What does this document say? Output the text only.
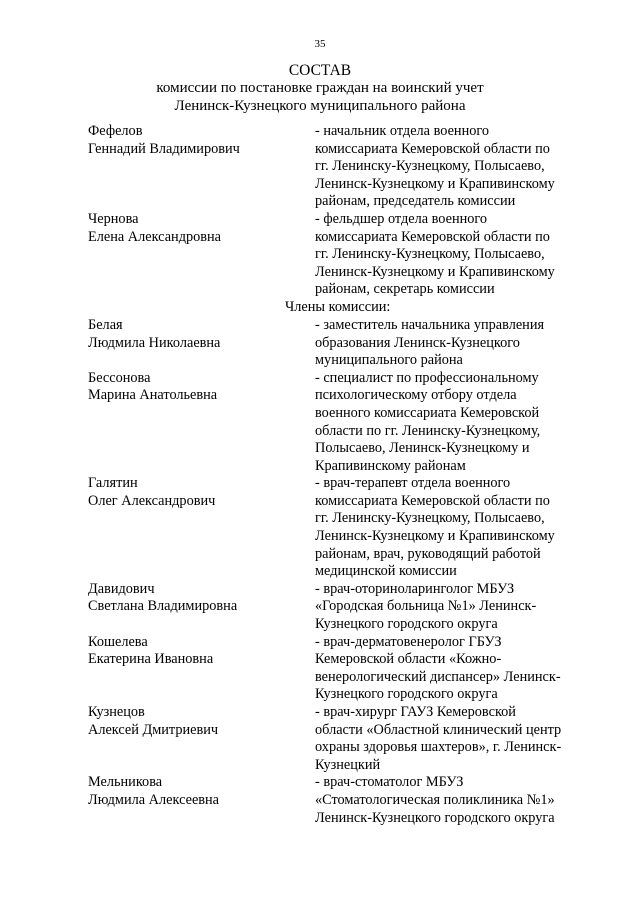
35
СОСТАВ
комиссии по постановке граждан на воинский учет
Ленинск-Кузнецкого муниципального района
Фефелов
Геннадий Владимирович
- начальник отдела военного
комиссариата Кемеровской области по
гг. Ленинску-Кузнецкому, Полысаево,
Ленинск-Кузнецкому и Крапивинскому
районам, председатель комиссии
Чернова
Елена Александровна
- фельдшер отдела военного
комиссариата Кемеровской области по
гг. Ленинску-Кузнецкому, Полысаево,
Ленинск-Кузнецкому и Крапивинскому
районам, секретарь комиссии
Члены комиссии:
Белая
Людмила Николаевна
- заместитель начальника управления
образования Ленинск-Кузнецкого
муниципального района
Бессонова
Марина Анатольевна
- специалист по профессиональному
психологическому отбору отдела
военного комиссариата Кемеровской
области по гг. Ленинску-Кузнецкому,
Полысаево, Ленинск-Кузнецкому и
Крапивинскому районам
Галятин
Олег Александрович
- врач-терапевт отдела военного
комиссариата Кемеровской области по
гг. Ленинску-Кузнецкому, Полысаево,
Ленинск-Кузнецкому и Крапивинскому
районам, врач, руководящий работой
медицинской комиссии
Давидович
Светлана Владимировна
- врач-оториноларинголог МБУЗ
«Городская больница №1» Ленинск-
Кузнецкого городского округа
Кошелева
Екатерина Ивановна
- врач-дерматовенеролог ГБУЗ
Кемеровской области «Кожно-
венерологический диспансер» Ленинск-
Кузнецкого городского округа
Кузнецов
Алексей Дмитриевич
- врач-хирург ГАУЗ Кемеровской
области «Областной клинический центр
охраны здоровья шахтеров», г. Ленинск-
Кузнецкий
Мельникова
Людмила Алексеевна
- врач-стоматолог МБУЗ
«Стоматологическая поликлиника №1»
Ленинск-Кузнецкого городского округа
